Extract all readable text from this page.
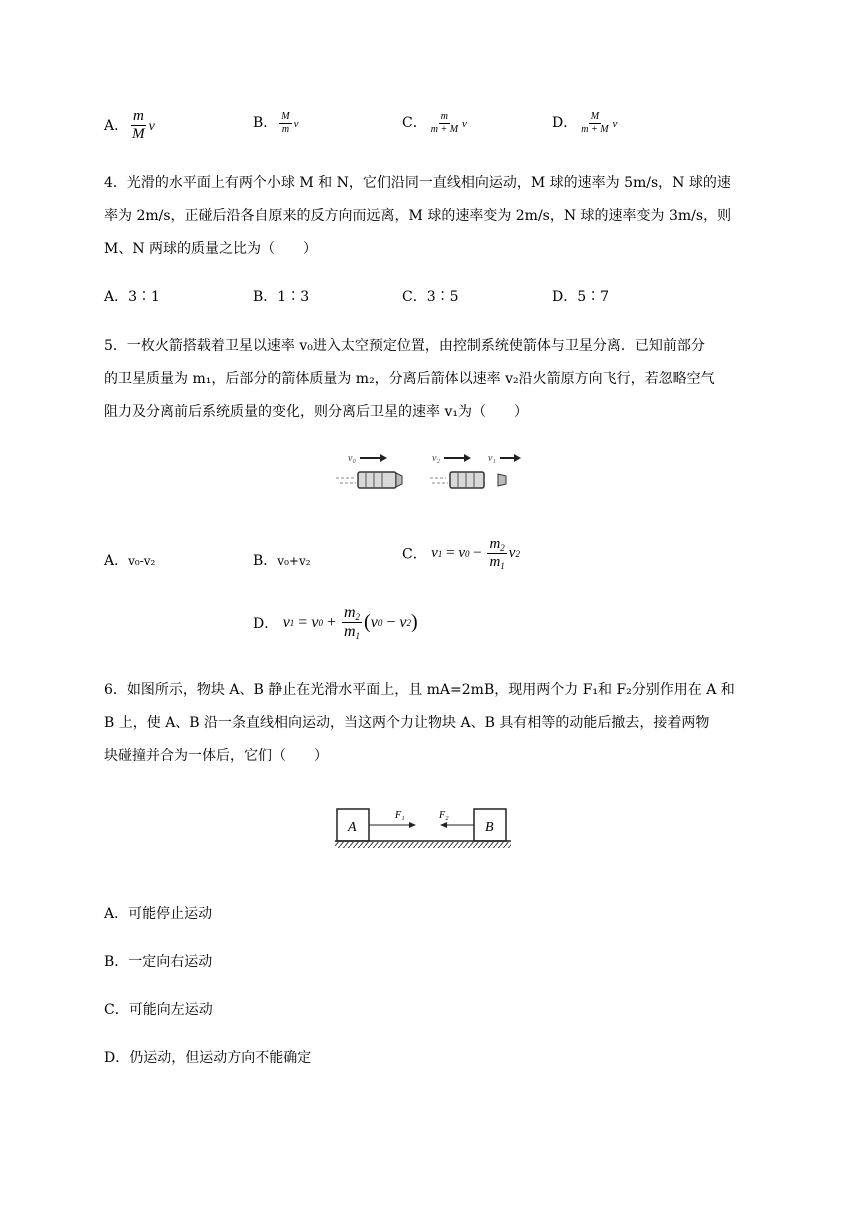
A． $\frac{m}{M}$ v	B． $\frac{M}{m}$ v	C． $\frac{m}{m + M}$ v	D． $\frac{M}{m + M}$ v
4．光滑的水平面上有两个小球 M 和 N，它们沿同一直线相向运动，M 球的速率为 5m/s，N 球的速
率为 2m/s，正碰后沿各自原来的反方向而远离，M 球的速率变为 2m/s，N 球的速率变为 3m/s，则
M、N 两球的质量之比为（　　）
A．3∶1	B．1∶3	C．3∶5	D．5∶7
5．一枚火箭搭载着卫星以速率 v₀进入太空预定位置，由控制系统使箭体与卫星分离．已知前部分
的卫星质量为 m₁，后部分的箭体质量为 m₂，分离后箭体以速率 v₂沿火箭原方向飞行，若忽略空气
阻力及分离前后系统质量的变化，则分离后卫星的速率 v₁为（　　）
v₀	v₂	v₁
A．v₀-v₂	B．v₀+v₂	C． v 1 = v $0 - \frac{m_2}{m_1}$ v 2
D． v 1 = v $0 + \frac{m_2}{m_1}$ ( v 0 − v 2 )
6．如图所示，物块 A、B 静止在光滑水平面上，且 mA=2mB，现用两个力 F₁和 F₂分别作用在 A 和
B 上，使 A、B 沿一条直线相向运动，当这两个力让物块 A、B 具有相等的动能后撤去，接着两物
块碰撞并合为一体后，它们（　　）
A	B
F₁	F₂
A．可能停止运动
B．一定向右运动
C．可能向左运动
D．仍运动，但运动方向不能确定
